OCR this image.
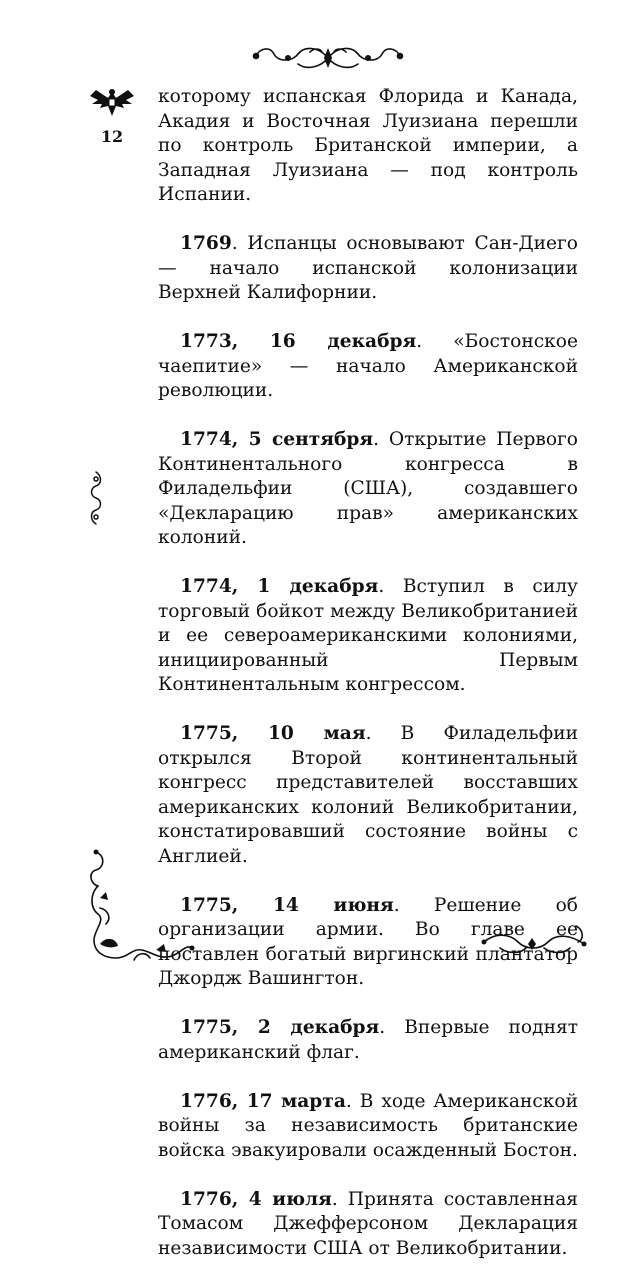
12

которому испанская Флорида и Канада, Акадия и Восточная Луизиана перешли по контроль Британской империи, а Западная Луизиана — под контроль Испании.

1769. Испанцы основывают Сан-Диего — начало испанской колонизации Верхней Калифорнии.

1773, 16 декабря. «Бостонское чаепитие» — начало Американской революции.

1774, 5 сентября. Открытие Первого Континентального конгресса в Филадельфии (США), создавшего «Декларацию прав» американских колоний.

1774, 1 декабря. Вступил в силу торговый бойкот между Великобританией и ее североамериканскими колониями, инициированный Первым Континентальным конгрессом.

1775, 10 мая. В Филадельфии открылся Второй континентальный конгресс представителей восставших американских колоний Великобритании, констатировавший состояние войны с Англией.

1775, 14 июня. Решение об организации армии. Во главе ее поставлен богатый виргинский плантатор Джордж Вашингтон.

1775, 2 декабря. Впервые поднят американский флаг.

1776, 17 марта. В ходе Американской войны за независимость британские войска эвакуировали осажденный Бостон.

1776, 4 июля. Принята составленная Томасом Джефферсоном Декларация независимости США от Великобритании.
